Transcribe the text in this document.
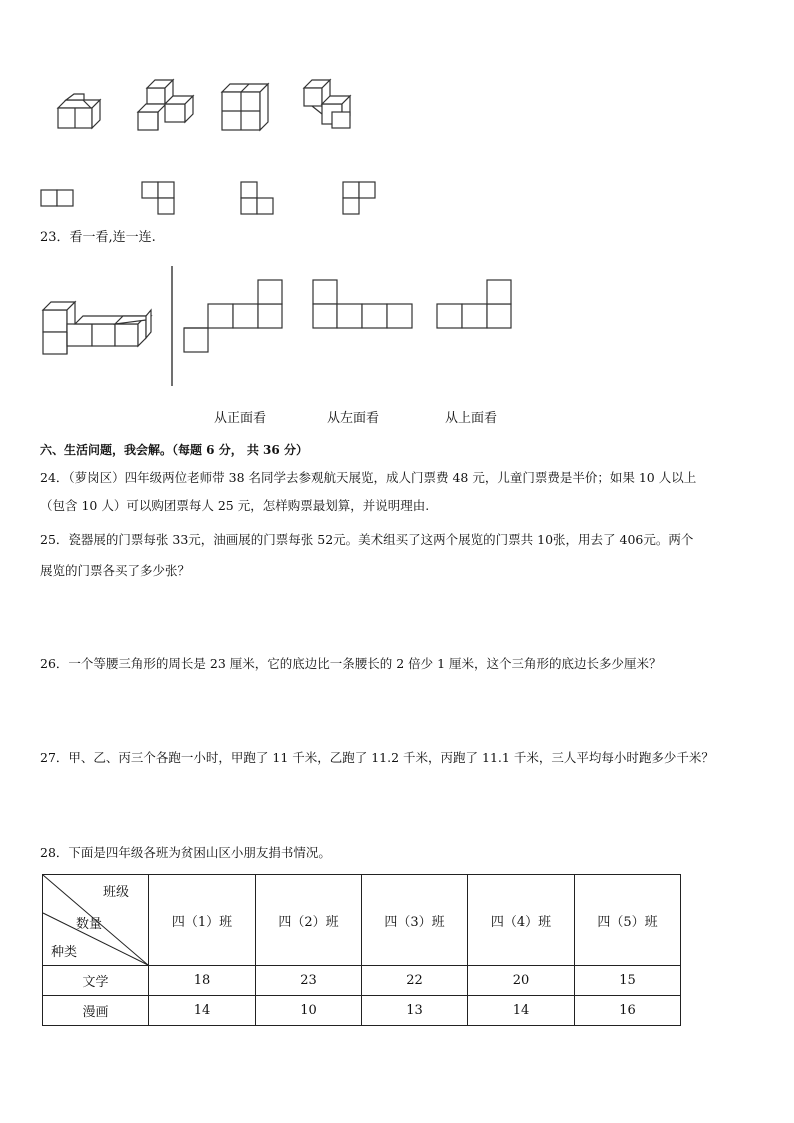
23．看一看,连一连.
从正面看	从左面看	从上面看
六、生活问题，我会解。（每题 6 分， 共 36 分）
24．（萝岗区）四年级两位老师带 38 名同学去参观航天展览，成人门票费 48 元，儿童门票费是半价；如果 10 人以上
（包含 10 人）可以购团票每人 25 元，怎样购票最划算，并说明理由.
25．瓷器展的门票每张 33元，油画展的门票每张 52元。美术组买了这两个展览的门票共 10张，用去了 406元。两个
展览的门票各买了多少张？
26．一个等腰三角形的周长是 23 厘米，它的底边比一条腰长的 2 倍少 1 厘米，这个三角形的底边长多少厘米？
27．甲、乙、丙三个各跑一小时，甲跑了 11 千米，乙跑了 11.2 千米，丙跑了 11.1 千米，三人平均每小时跑多少千米？
28．下面是四年级各班为贫困山区小朋友捐书情况。
班级
数量
种类	四（1）班	四（2）班	四（3）班	四（4）班	四（5）班
文学	18	23	22	20	15
漫画	14	10	13	14	16
